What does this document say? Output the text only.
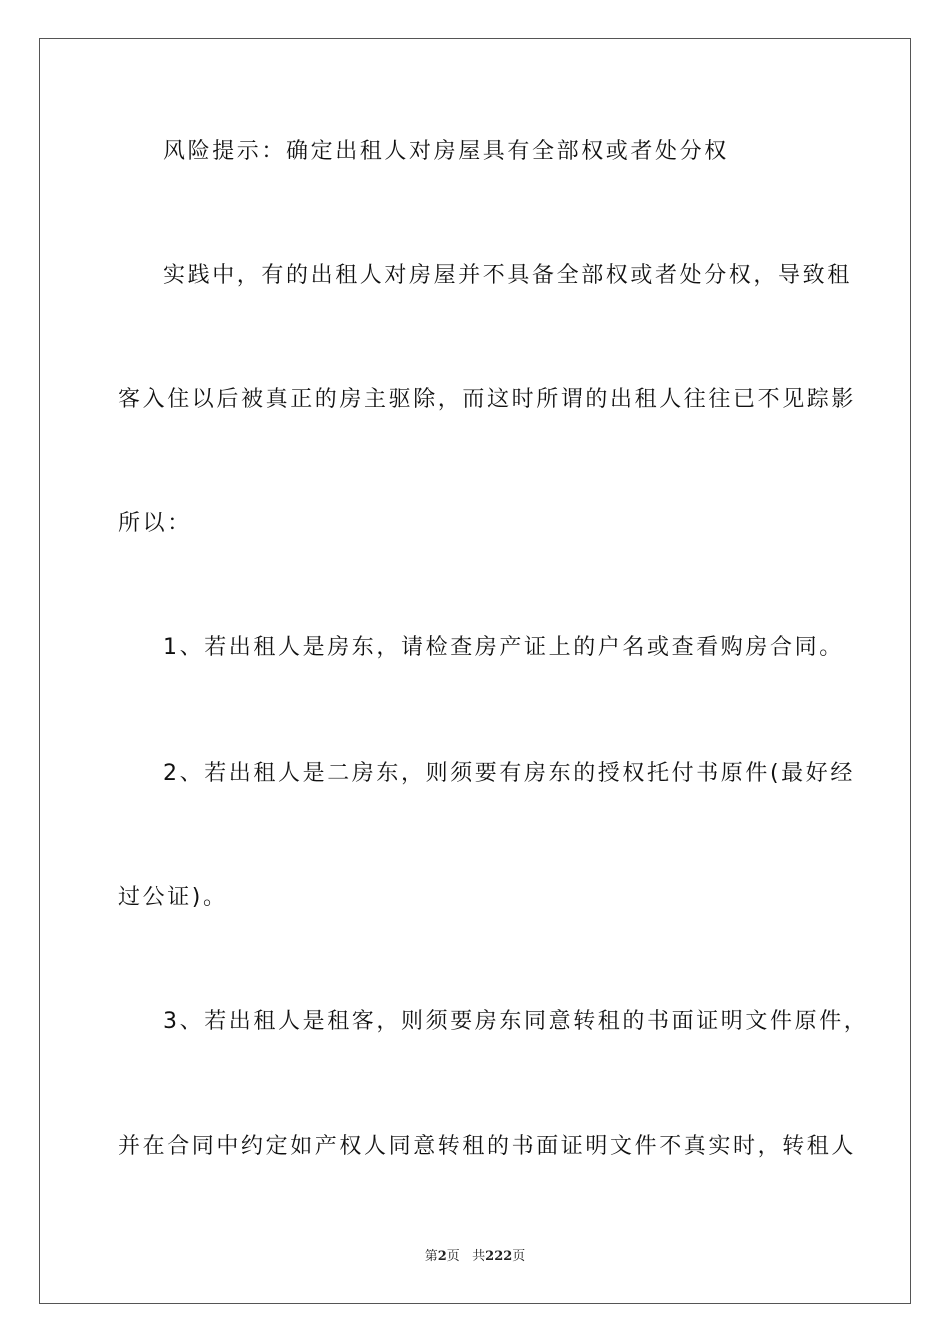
风险提示：确定出租人对房屋具有全部权或者处分权
实践中，有的出租人对房屋并不具备全部权或者处分权，导致租
客入住以后被真正的房主驱除，而这时所谓的出租人往往已不见踪影
所以：
1、若出租人是房东，请检查房产证上的户名或查看购房合同。
2、若出租人是二房东，则须要有房东的授权托付书原件(最好经
过公证)。
3、若出租人是租客，则须要房东同意转租的书面证明文件原件，
并在合同中约定如产权人同意转租的书面证明文件不真实时，转租人
第2页   共222页
